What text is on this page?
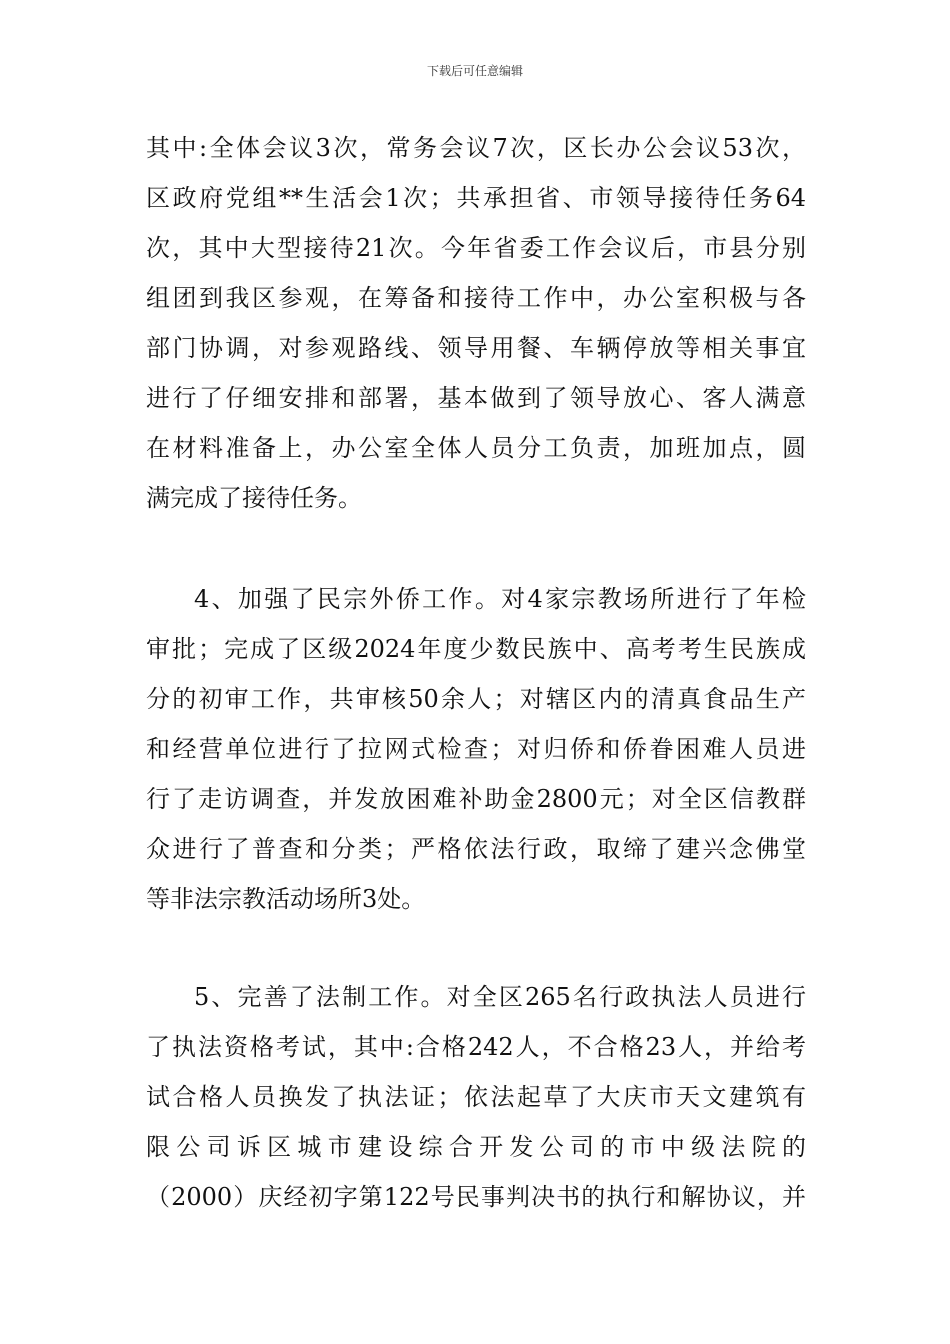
下载后可任意编辑
其中:全体会议3次，常务会议7次，区长办公会议53次，
区政府党组**生活会1次；共承担省、市领导接待任务64
次，其中大型接待21次。今年省委工作会议后，市县分别
组团到我区参观，在筹备和接待工作中，办公室积极与各
部门协调，对参观路线、领导用餐、车辆停放等相关事宜
进行了仔细安排和部署，基本做到了领导放心、客人满意
在材料准备上，办公室全体人员分工负责，加班加点，圆
满完成了接待任务。
4、加强了民宗外侨工作。对4家宗教场所进行了年检
审批；完成了区级2024年度少数民族中、高考考生民族成
分的初审工作，共审核50余人；对辖区内的清真食品生产
和经营单位进行了拉网式检查；对归侨和侨眷困难人员进
行了走访调查，并发放困难补助金2800元；对全区信教群
众进行了普查和分类；严格依法行政，取缔了建兴念佛堂
等非法宗教活动场所3处。
5、完善了法制工作。对全区265名行政执法人员进行
了执法资格考试，其中:合格242人，不合格23人，并给考
试合格人员换发了执法证；依法起草了大庆市天文建筑有
限公司诉区城市建设综合开发公司的市中级法院的
（2000）庆经初字第122号民事判决书的执行和解协议，并
